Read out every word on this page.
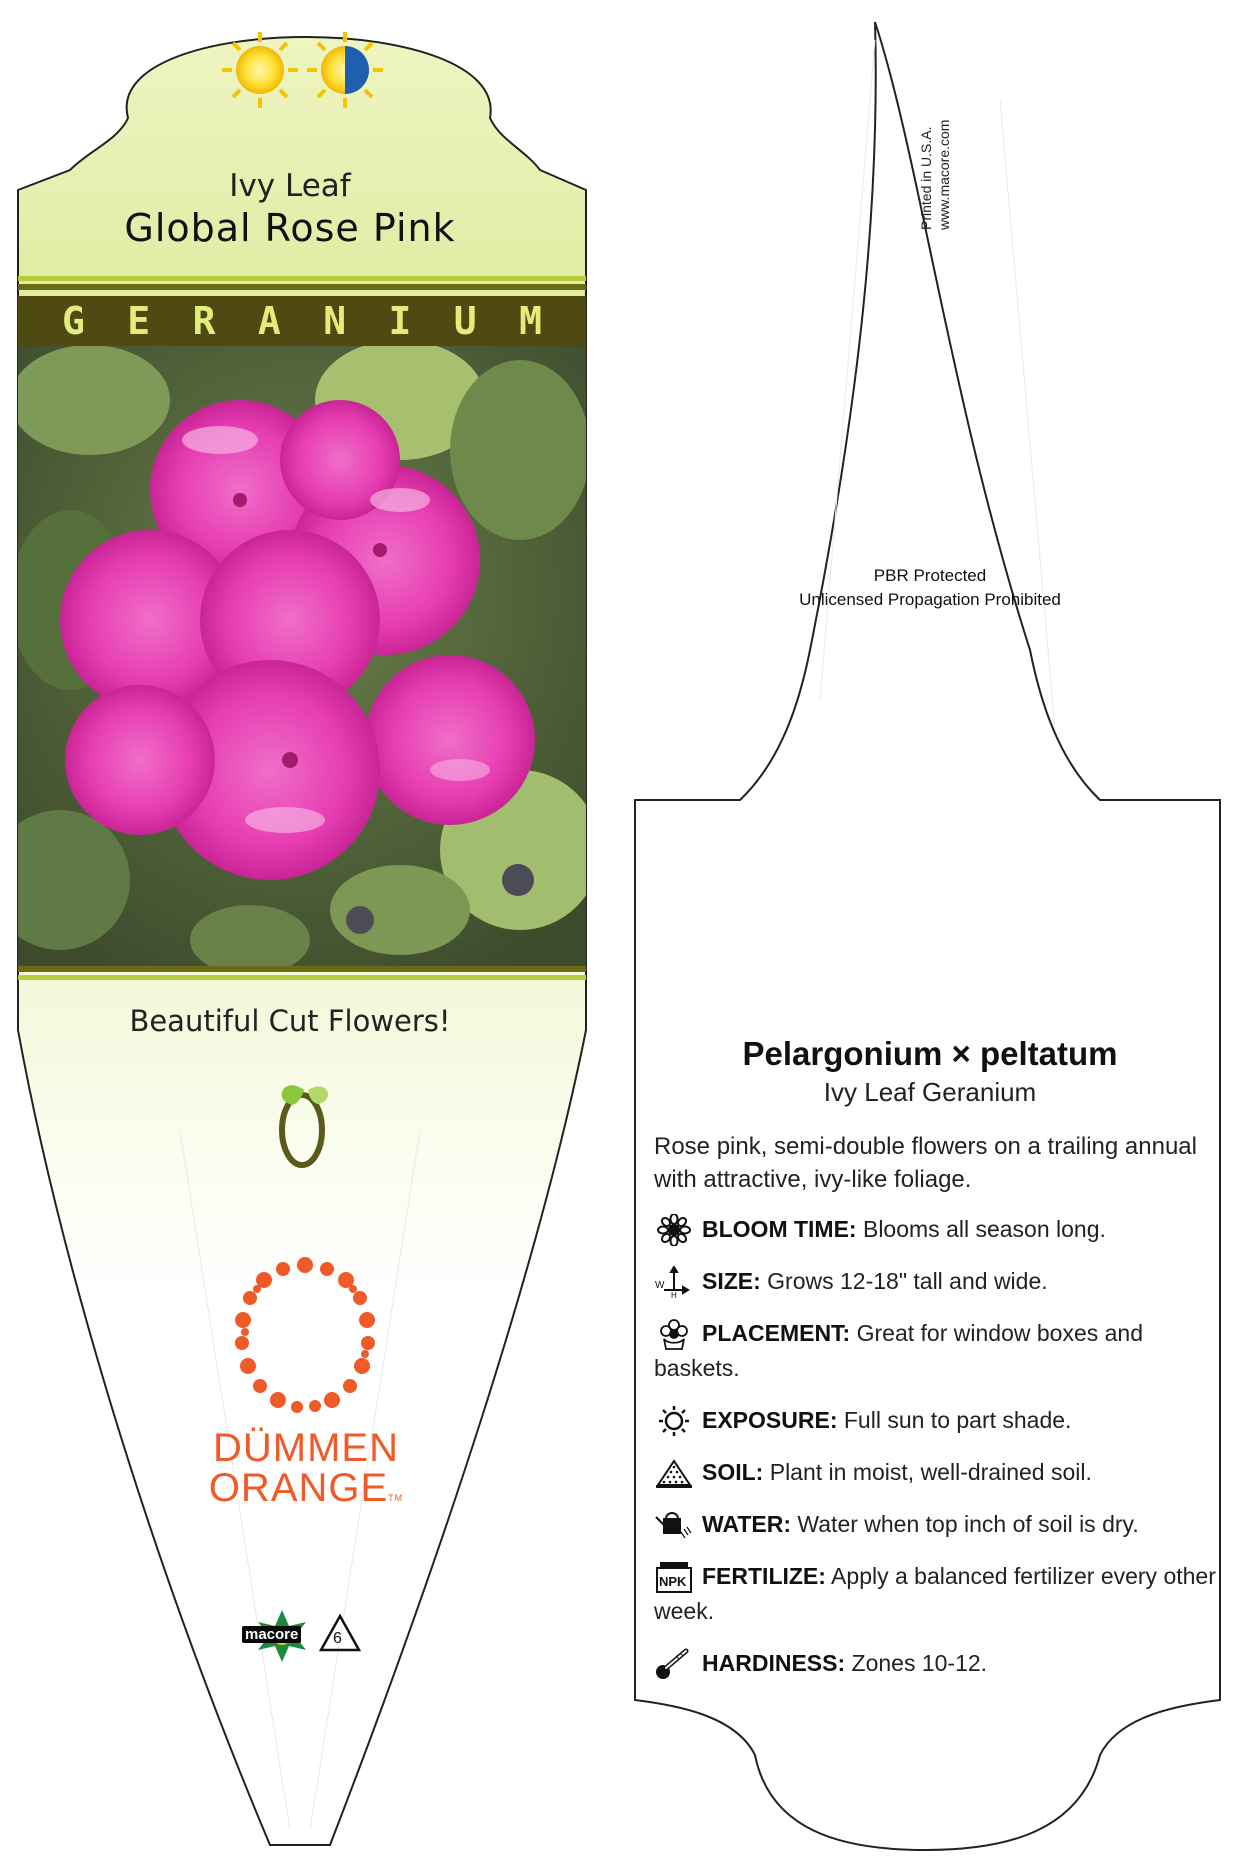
Ivy Leaf
Global Rose Pink
G E R A N I U M
Beautiful Cut Flowers!
DÜMMEN
ORANGETM
macore 6
Printed in U.S.A. www.macore.com
PBR Protected
Unlicensed Propagation Prohibited
Pelargonium × peltatum
Ivy Leaf Geranium
Rose pink, semi-double flowers on a trailing annual with attractive, ivy-like foliage.
BLOOM TIME: Blooms all season long.
W
H
SIZE: Grows 12-18" tall and wide.
PLACEMENT: Great for window boxes and baskets.
EXPOSURE: Full sun to part shade.
SOIL: Plant in moist, well-drained soil.
WATER: Water when top inch of soil is dry.
NPK FERTILIZE: Apply a balanced fertilizer every other week.
HARDINESS: Zones 10-12.
